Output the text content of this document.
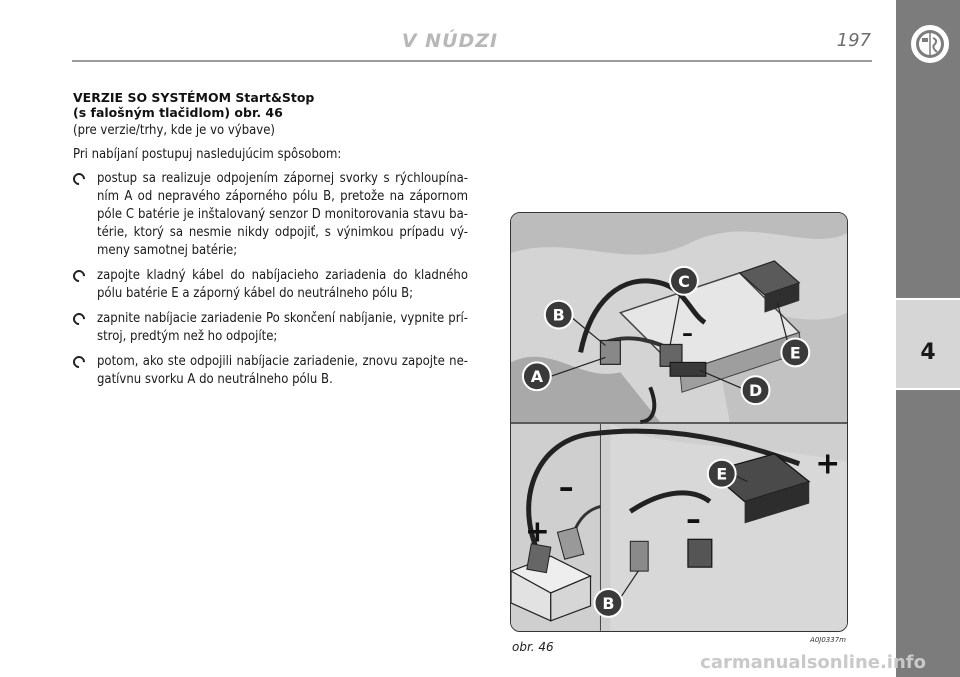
V NÚDZI	197
4
VERZIE SO SYSTÉMOM Start&Stop
(s falošným tlačidlom) obr. 46
(pre verzie/trhy, kde je vo výbave)
Pri nabíjaní postupuj nasledujúcim spôsobom:
postup sa realizuje odpojením zápornej svorky s rýchloupína-ním A od nepravého záporného pólu B, pretože na zápornom póle C batérie je inštalovaný senzor D monitorovania stavu ba-térie, ktorý sa nesmie nikdy odpojiť, s výnimkou prípadu vý-meny samotnej batérie;
zapojte kladný kábel do nabíjacieho zariadenia do kladného pólu batérie E a záporný kábel do neutrálneho pólu B;
zapnite nabíjacie zariadenie Po skončení nabíjanie, vypnite prí-stroj, predtým než ho odpojíte;
potom, ako ste odpojili nabíjacie zariadenie, znovu zapojte ne-gatívnu svorku A do neutrálneho pólu B.	A
B
C
D
E
–
E
B
–
+	–
+
obr. 46	A0J0337m
carmanualsonline.info
